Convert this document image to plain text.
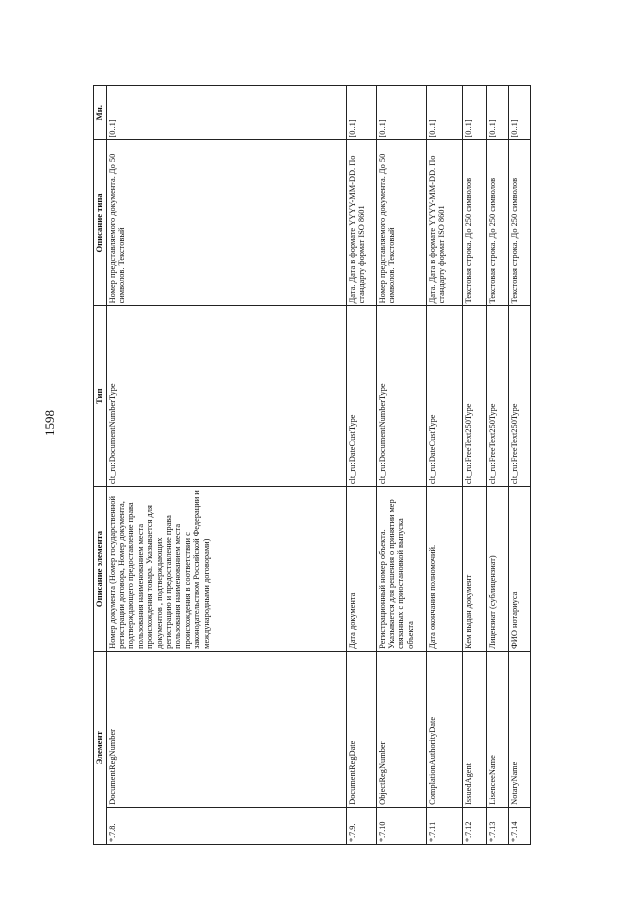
1598
Элемент		Описание элемента	Тип	Описание типа	Мн.
*.7.8.	DocumentRegNumber	Номер документа (Номер государственной регистрации договора, Номер документа, подтверждающего предоставление права пользования наименованием места происхождения товара. Указывается для документов , подтверждающих регистрацию и предоставление права пользования наименованием места происхождения в соответствии с законодательством Российской Федерации и международными договорами)	clt_ru:DocumentNumberType	Номер представляемого документа. До 50 символов. Текстовый	[0..1]
*.7.9.	DocumentRegDate	Дата документа	clt_ru:DateCustType	Дата. Дата в формате YYYY-MM-DD. По стандарту формат ISO 8601	[0..1]
*.7.10	ObjectRegNumber	Регистрационный номер объекта. Указывается для решения о принятии мер связанных с приостановкой выпуска объекта	clt_ru:DocumentNumberType	Номер представляемого документа. До 50 символов. Текстовый	[0..1]
*.7.11	ComplationAuthorityDate	Дата окончания полномочий.	clt_ru:DateCustType	Дата. Дата в формате YYYY-MM-DD. По стандарту формат ISO 8601	[0..1]
*.7.12	IssuedAgent	Кем выдан документ	clt_ru:FreeText250Type	Текстовая строка. До 250 символов	[0..1]
*.7.13	LisenceeName	Лицензиат (сублицензиат)	clt_ru:FreeText250Type	Текстовая строка. До 250 символов	[0..1]
*.7.14	NotaryName	ФИО нотариуса	clt_ru:FreeText250Type	Текстовая строка. До 250 символов	[0..1]
